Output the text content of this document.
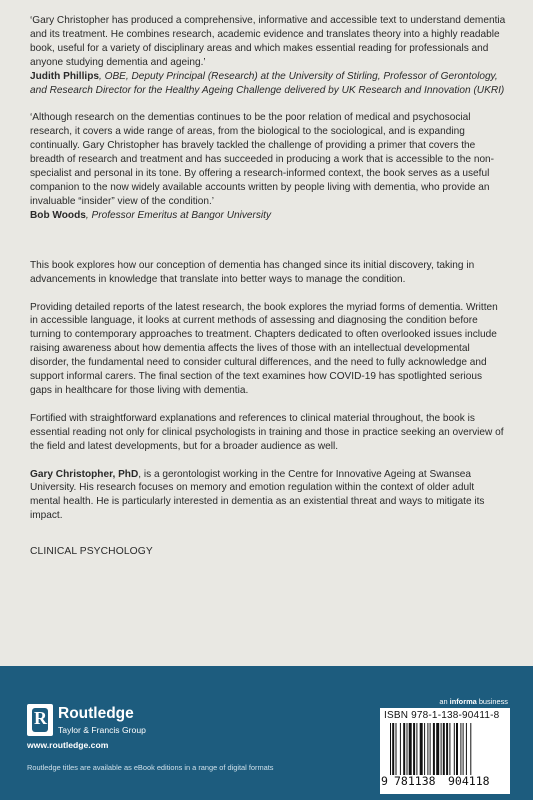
‘Gary Christopher has produced a comprehensive, informative and accessible text to understand dementia and its treatment. He combines research, academic evidence and translates theory into a highly readable book, useful for a variety of disciplinary areas and which makes essential reading for professionals and anyone studying dementia and ageing.’

Judith Phillips, OBE, Deputy Principal (Research) at the University of Stirling, Professor of Gerontology, and Research Director for the Healthy Ageing Challenge delivered by UK Research and Innovation (UKRI)

‘Although research on the dementias continues to be the poor relation of medical and psychosocial research, it covers a wide range of areas, from the biological to the sociological, and is expanding continually. Gary Christopher has bravely tackled the challenge of providing a primer that covers the breadth of research and treatment and has succeeded in producing a work that is accessible to the non-specialist and personal in its tone. By offering a research-informed context, the book serves as a useful companion to the now widely available accounts written by people living with dementia, who provide an invaluable “insider” view of the condition.’

Bob Woods, Professor Emeritus at Bangor University

This book explores how our conception of dementia has changed since its initial discovery, taking in advancements in knowledge that translate into better ways to manage the condition.

Providing detailed reports of the latest research, the book explores the myriad forms of dementia. Written in accessible language, it looks at current methods of assessing and diagnosing the condition before turning to contemporary approaches to treatment. Chapters dedicated to often overlooked issues include raising awareness about how dementia affects the lives of those with an intellectual developmental disorder, the fundamental need to consider cultural differences, and the need to fully acknowledge and support informal carers. The final section of the text examines how COVID-19 has spotlighted serious gaps in healthcare for those living with dementia.

Fortified with straightforward explanations and references to clinical material throughout, the book is essential reading not only for clinical psychologists in training and those in practice seeking an overview of the field and latest developments, but for a broader audience as well.

Gary Christopher, PhD, is a gerontologist working in the Centre for Innovative Ageing at Swansea University. His research focuses on memory and emotion regulation within the context of older adult mental health. He is particularly interested in dementia as an existential threat and ways to mitigate its impact.

CLINICAL PSYCHOLOGY

an informa business
R
Routledge
Taylor & Francis Group
www.routledge.com
Routledge titles are available as eBook editions in a range of digital formats
ISBN 978-1-138-90411-8
9 781138 904118
